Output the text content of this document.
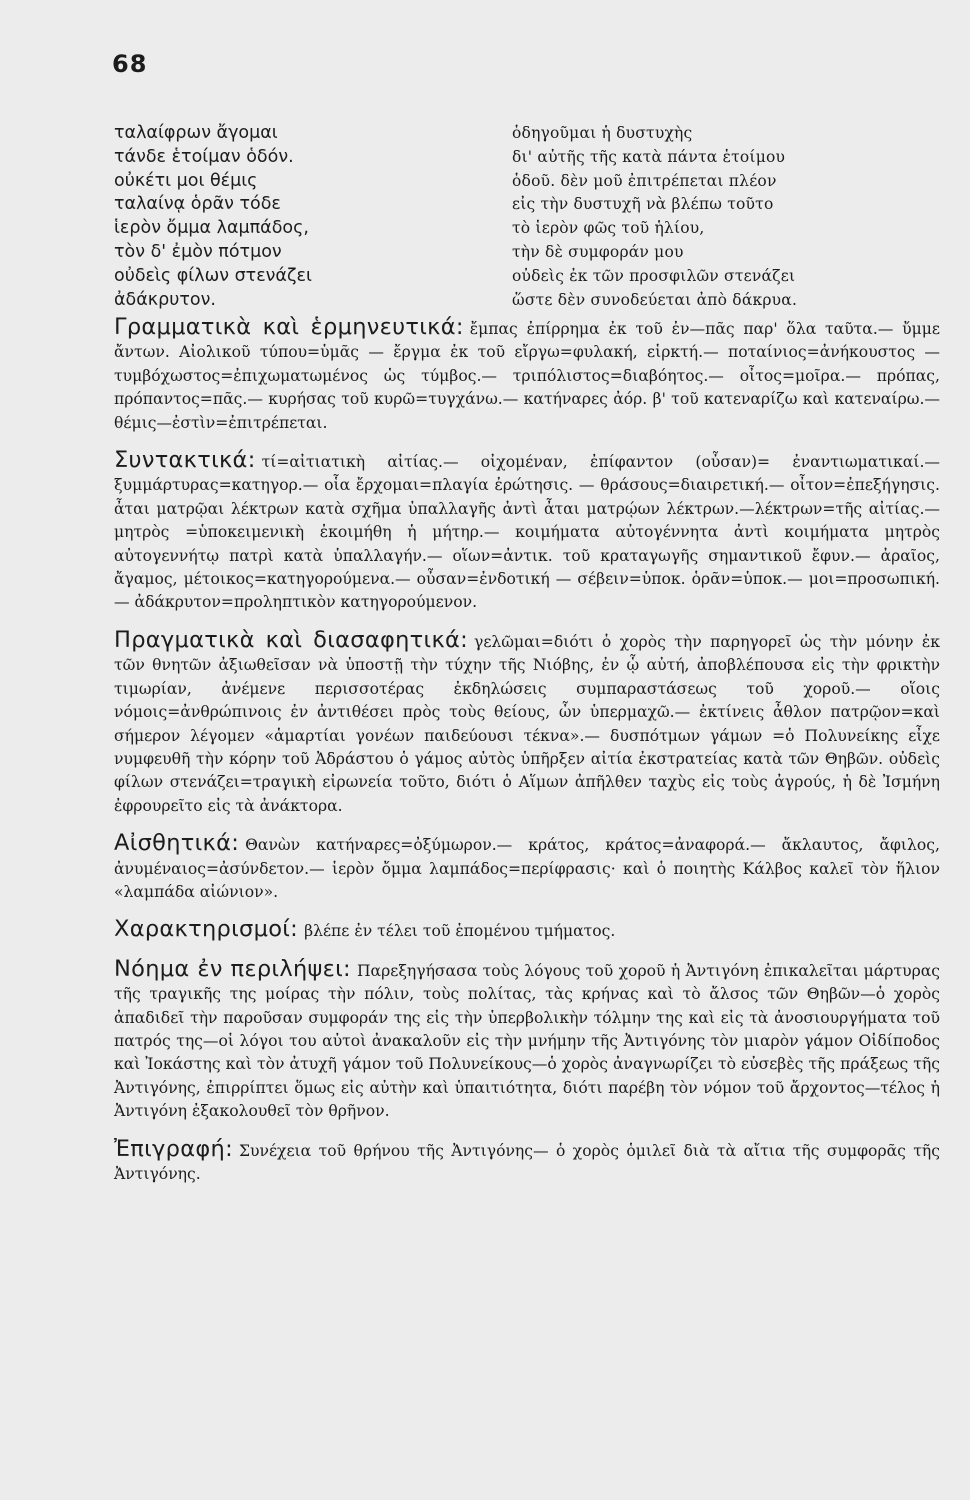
68
ταλαίφρων ἄγομαι
τάνδε ἑτοίμαν ὁδόν.
οὐκέτι μοι θέμις
ταλαίνᾳ ὁρᾶν τόδε
ἱερὸν ὄμμα λαμπάδος,
τὸν δ' ἐμὸν πότμον
οὐδεὶς φίλων στενάζει
ἀδάκρυτον.
ὁδηγοῦμαι ἡ δυστυχὴς
δι' αὐτῆς τῆς κατὰ πάντα ἑτοίμου
ὁδοῦ. δὲν μοῦ ἐπιτρέπεται πλέον
εἰς τὴν δυστυχῆ νὰ βλέπω τοῦτο
τὸ ἱερὸν φῶς τοῦ ἡλίου,
τὴν δὲ συμφοράν μου
οὐδεὶς ἐκ τῶν προσφιλῶν στενάζει
ὥστε δὲν συνοδεύεται ἀπὸ δάκρυα.

Γραμματικὰ καὶ ἑρμηνευτικά: ἔμπας ἐπίρρημα ἐκ τοῦ ἐν—πᾶς παρ' ὅλα ταῦτα.— ὔμμε ἄντων. Αἰολικοῦ τύπου=ὑμᾶς — ἔργμα ἐκ τοῦ εἴργω=φυλακή, εἱρκτή.— ποταίνιος=ἀνήκουστος — τυμβόχωστος=ἐπιχωματωμένος ὡς τύμβος.— τριπόλιστος=διαβόητος.— οἶτος=μοῖρα.— πρόπας, πρόπαντος=πᾶς.— κυρήσας τοῦ κυρῶ=τυγχάνω.— κατήναρες ἀόρ. β' τοῦ κατεναρίζω καὶ κατεναίρω.— θέμις—ἐστὶν=ἐπιτρέπεται.

Συντακτικά: τί=αἰτιατικὴ αἰτίας.— οἰχομέναν, ἐπίφαντον (οὖσαν)= ἐναντιωματικαί.— ξυμμάρτυρας=κατηγορ.— οἷα ἔρχομαι=πλαγία ἐρώτησις. — θράσους=διαιρετική.— οἶτον=ἐπεξήγησις. ἆται ματρῷαι λέκτρων κατὰ σχῆμα ὑπαλλαγῆς ἀντὶ ἆται ματρῴων λέκτρων.—λέκτρων=τῆς αἰτίας.— μητρὸς =ὑποκειμενικὴ ἐκοιμήθη ἡ μήτηρ.— κοιμήματα αὐτογέννητα ἀντὶ κοιμήματα μητρὸς αὐτογεννήτῳ πατρὶ κατὰ ὑπαλλαγήν.— οἵων=ἀντικ. τοῦ κραταγωγῆς σημαντικοῦ ἔφυν.— ἀραῖος, ἄγαμος, μέτοικος=κατηγορούμενα.— οὖσαν=ἐνδοτική — σέβειν=ὑποκ. ὁρᾶν=ὑποκ.— μοι=προσωπική.— ἀδάκρυτον=προληπτικὸν κατηγορούμενον.

Πραγματικὰ καὶ διασαφητικά: γελῶμαι=διότι ὁ χορὸς τὴν παρηγορεῖ ὡς τὴν μόνην ἐκ τῶν θνητῶν ἀξιωθεῖσαν νὰ ὑποστῇ τὴν τύχην τῆς Νιόβης, ἐν ᾧ αὐτή, ἀποβλέπουσα εἰς τὴν φρικτὴν τιμωρίαν, ἀνέμενε περισσοτέρας ἐκδηλώσεις συμπαραστάσεως τοῦ χοροῦ.— οἵοις νόμοις=ἀνθρώπινοις ἐν ἀντιθέσει πρὸς τοὺς θείους, ὧν ὑπερμαχῶ.— ἐκτίνεις ἆθλον πατρῷον=καὶ σήμερον λέγομεν «ἁμαρτίαι γονέων παιδεύουσι τέκνα».— δυσπότμων γάμων =ὁ Πολυνείκης εἶχε νυμφευθῆ τὴν κόρην τοῦ Ἀδράστου ὁ γάμος αὐτὸς ὑπῆρξεν αἰτία ἐκστρατείας κατὰ τῶν Θηβῶν. οὐδεὶς φίλων στενάζει=τραγικὴ εἰρωνεία τοῦτο, διότι ὁ Αἵμων ἀπῆλθεν ταχὺς εἰς τοὺς ἀγρούς, ἡ δὲ Ἰσμήνη ἐφρουρεῖτο εἰς τὰ ἀνάκτορα.

Αἰσθητικά: Θανὼν κατήναρες=ὀξύμωρον.— κράτος, κράτος=ἀναφορά.— ἄκλαυτος, ἄφιλος, ἀνυμέναιος=ἀσύνδετον.— ἱερὸν ὄμμα λαμπάδος=περίφρασις· καὶ ὁ ποιητὴς Κάλβος καλεῖ τὸν ἥλιον «λαμπάδα αἰώνιον».

Χαρακτηρισμοί: βλέπε ἐν τέλει τοῦ ἑπομένου τμήματος.

Νόημα ἐν περιλήψει: Παρεξηγήσασα τοὺς λόγους τοῦ χοροῦ ἡ Ἀντιγόνη ἐπικαλεῖται μάρτυρας τῆς τραγικῆς της μοίρας τὴν πόλιν, τοὺς πολίτας, τὰς κρήνας καὶ τὸ ἄλσος τῶν Θηβῶν—ὁ χορὸς ἀπαδιδεῖ τὴν παροῦσαν συμφοράν της εἰς τὴν ὑπερβολικὴν τόλμην της καὶ εἰς τὰ ἀνοσιουργήματα τοῦ πατρός της—οἱ λόγοι του αὐτοὶ ἀνακαλοῦν εἰς τὴν μνήμην τῆς Ἀντιγόνης τὸν μιαρὸν γάμον Οἰδίποδος καὶ Ἰοκάστης καὶ τὸν ἀτυχῆ γάμον τοῦ Πολυνείκους—ὁ χορὸς ἀναγνωρίζει τὸ εὐσεβὲς τῆς πράξεως τῆς Ἀντιγόνης, ἐπιρρίπτει ὅμως εἰς αὐτὴν καὶ ὑπαιτιότητα, διότι παρέβη τὸν νόμον τοῦ ἄρχοντος—τέλος ἡ Ἀντιγόνη ἐξακολουθεῖ τὸν θρῆνον.

Ἐπιγραφή: Συνέχεια τοῦ θρήνου τῆς Ἀντιγόνης— ὁ χορὸς ὁμιλεῖ διὰ τὰ αἴτια τῆς συμφορᾶς τῆς Ἀντιγόνης.
